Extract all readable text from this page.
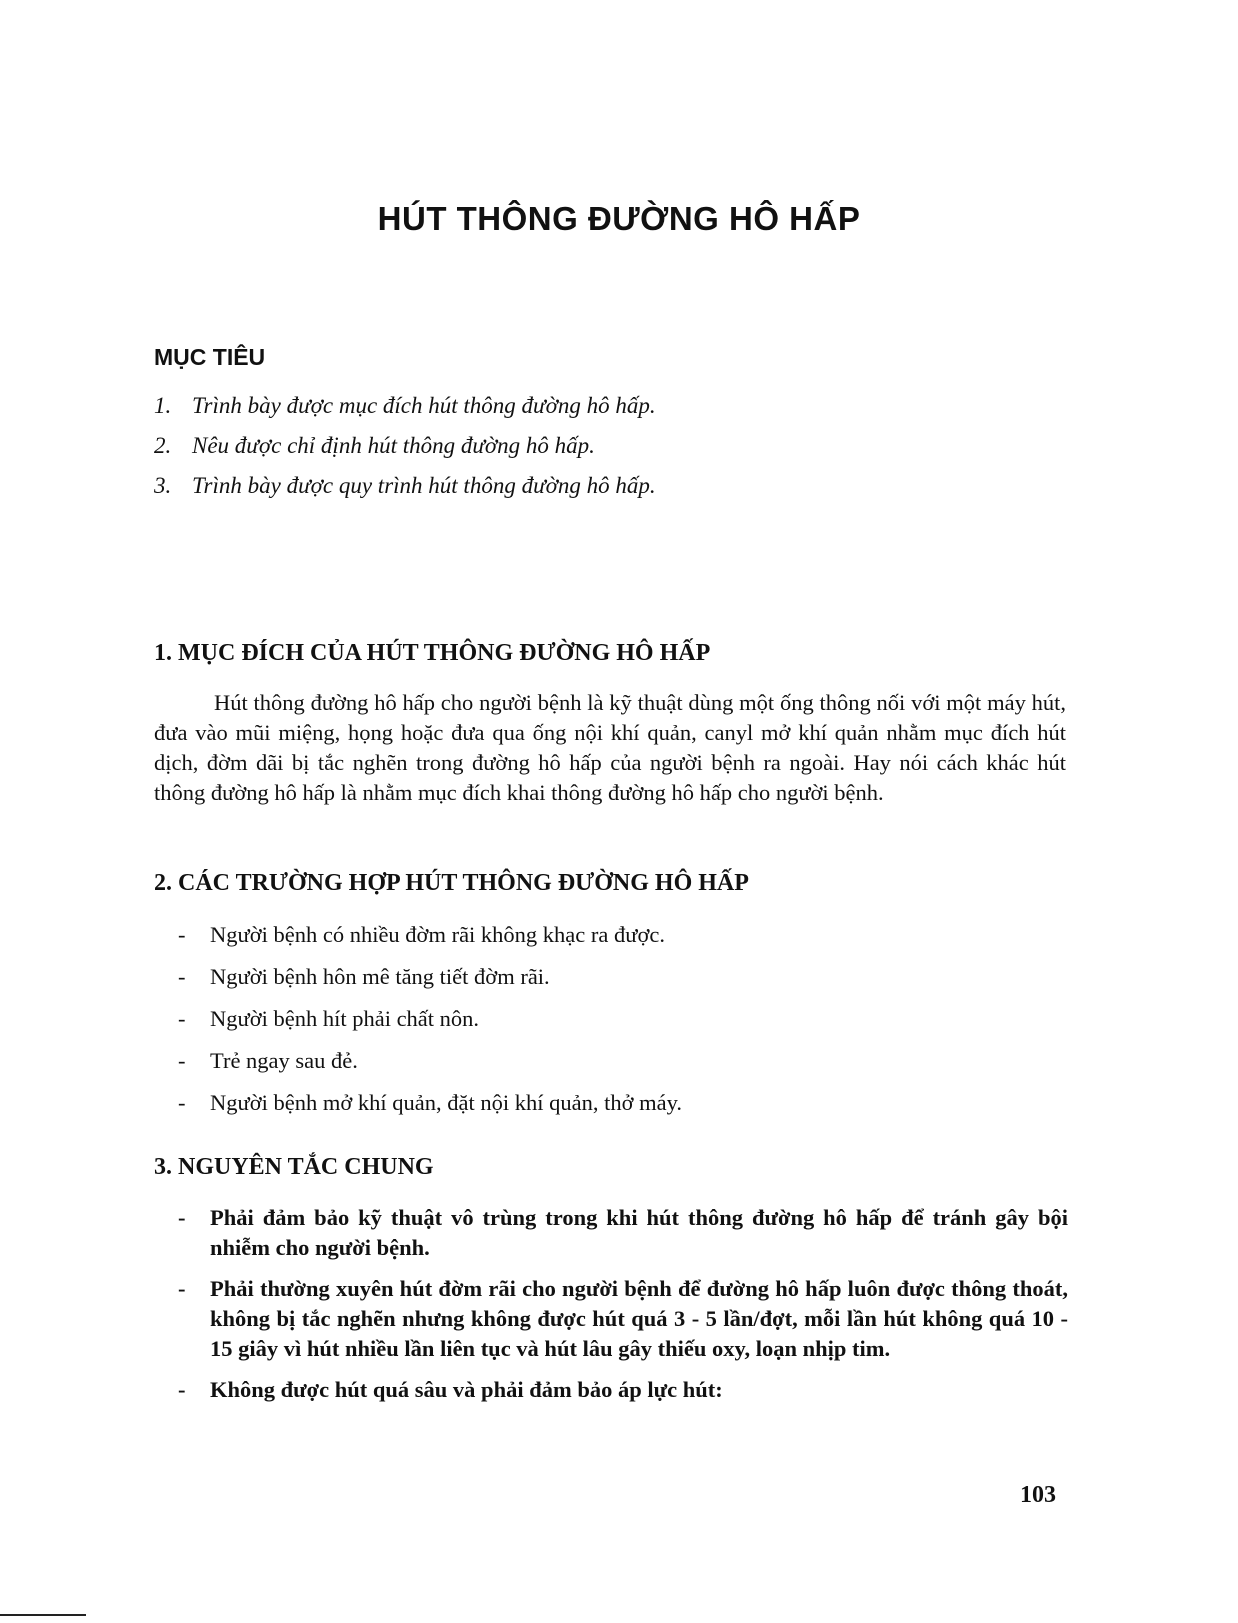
HÚT THÔNG ĐƯỜNG HÔ HẤP
MỤC TIÊU
1. Trình bày được mục đích hút thông đường hô hấp.
2. Nêu được chỉ định hút thông đường hô hấp.
3. Trình bày được quy trình hút thông đường hô hấp.
1. MỤC ĐÍCH CỦA HÚT THÔNG ĐƯỜNG HÔ HẤP

Hút thông đường hô hấp cho người bệnh là kỹ thuật dùng một ống thông nối với một máy hút, đưa vào mũi miệng, họng hoặc đưa qua ống nội khí quản, canyl mở khí quản nhằm mục đích hút dịch, đờm dãi bị tắc nghẽn trong đường hô hấp của người bệnh ra ngoài. Hay nói cách khác hút thông đường hô hấp là nhằm mục đích khai thông đường hô hấp cho người bệnh.

2. CÁC TRƯỜNG HỢP HÚT THÔNG ĐƯỜNG HÔ HẤP
- Người bệnh có nhiều đờm rãi không khạc ra được.
- Người bệnh hôn mê tăng tiết đờm rãi.
- Người bệnh hít phải chất nôn.
- Trẻ ngay sau đẻ.
- Người bệnh mở khí quản, đặt nội khí quản, thở máy.
3. NGUYÊN TẮC CHUNG
- Phải đảm bảo kỹ thuật vô trùng trong khi hút thông đường hô hấp để tránh gây bội nhiễm cho người bệnh.
- Phải thường xuyên hút đờm rãi cho người bệnh để đường hô hấp luôn được thông thoát, không bị tắc nghẽn nhưng không được hút quá 3 - 5 lần/đợt, mỗi lần hút không quá 10 - 15 giây vì hút nhiều lần liên tục và hút lâu gây thiếu oxy, loạn nhịp tim.
- Không được hút quá sâu và phải đảm bảo áp lực hút:
103
